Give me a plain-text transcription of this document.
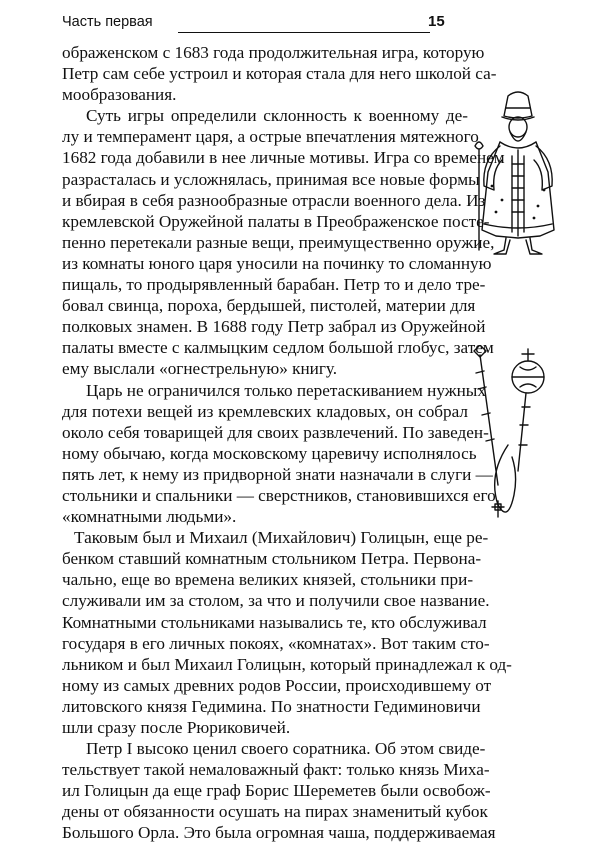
Часть первая	15
ображенском с 1683 года продолжительная игра, которую
Петр сам себе устроил и которая стала для него школой са-
мообразования.
Суть игры определили склонность к военному де-
лу и темперамент царя, а острые впечатления мятежного
1682 года добавили в нее личные мотивы. Игра со временем
разрасталась и усложнялась, принимая все новые формы
и вбирая в себя разнообразные отрасли военного дела. Из
кремлевской Оружейной палаты в Преображенское посте-
пенно перетекали разные вещи, преимущественно оружие,
из комнаты юного царя уносили на починку то сломанную
пищаль, то продырявленный барабан. Петр то и дело тре-
бовал свинца, пороха, бердышей, пистолей, материи для
полковых знамен. В 1688 году Петр забрал из Оружейной
палаты вместе с калмыцким седлом большой глобус, затем
ему выслали «огнестрельную» книгу.
Царь не ограничился только перетаскиванием нужных
для потехи вещей из кремлевских кладовых, он собрал
около себя товарищей для своих развлечений. По заведен-
ному обычаю, когда московскому царевичу исполнялось
пять лет, к нему из придворной знати назначали в слуги —
стольники и спальники — сверстников, становившихся его
«комнатными людьми».
Таковым был и Михаил (Михайлович) Голицын, еще ре-
бенком ставший комнатным стольником Петра. Первона-
чально, еще во времена великих князей, стольники при-
служивали им за столом, за что и получили свое название.
Комнатными стольниками назывались те, кто обслуживал
государя в его личных покоях, «комнатах». Вот таким сто-
льником и был Михаил Голицын, который принадлежал к од-
ному из самых древних родов России, происходившему от
литовского князя Гедимина. По знатности Гедиминовичи
шли сразу после Рюриковичей.
Петр I высоко ценил своего соратника. Об этом свиде-
тельствует такой немаловажный факт: только князь Миха-
ил Голицын да еще граф Борис Шереметев были освобож-
дены от обязанности осушать на пирах знаменитый кубок
Большого Орла. Это была огромная чаша, поддерживаемая
